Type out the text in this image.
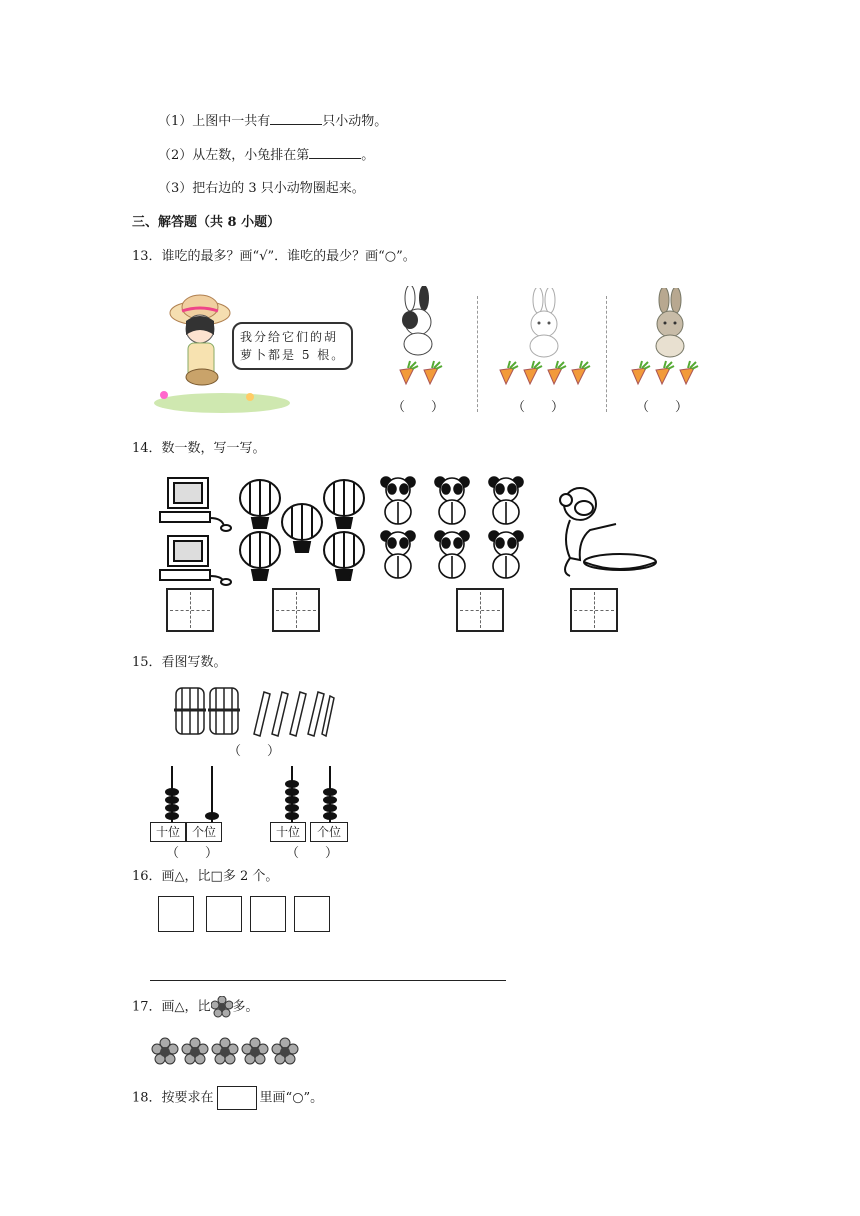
（1）上图中一共有	只小动物。
（2）从左数，小兔排在第	。
（3）把右边的 3 只小动物圈起来。
三、解答题（共 8 小题）
13．谁吃的最多？画“√”．谁吃的最少？画“○”。
我分给它们的胡
萝卜都是 5 根。
（　　）	（　　）	（　　）
14．数一数，写一写。
15．看图写数。
（　　）
十位 个位
（　　）
十位	个位
（　　）
16．画△，比□多 2 个。
17．画△，比 多。
18．按要求在	里画“○”。
